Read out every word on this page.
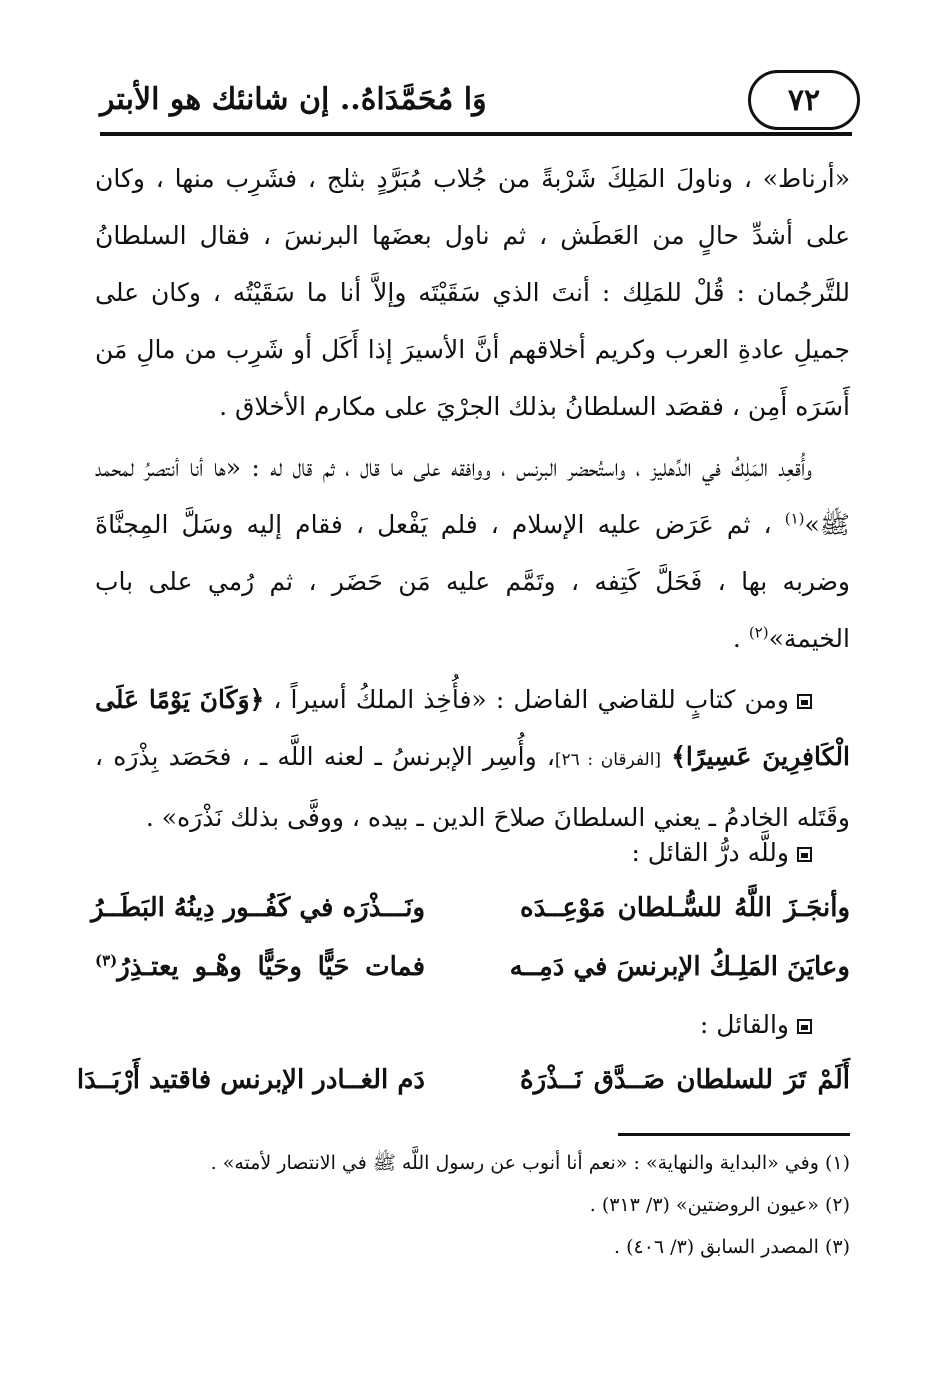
وَا مُحَمَّدَاهُ.. إن شانئك هو الأبتر	٧٢

«أرناط» ، وناولَ المَلِكَ شَرْبةً من جُلاب مُبَرَّدٍ بثلج ، فشَرِب منها ، وكان على أشدِّ حالٍ من العَطَش ، ثم ناول بعضَها البرنسَ ، فقال السلطانُ للتَّرجُمان : قُلْ للمَلِك : أنتَ الذي سَقَيْتَه وإلاَّ أنا ما سَقَيْتُه ، وكان على جميلِ عادةِ العرب وكريم أخلاقهم أنَّ الأسيرَ إذا أَكَل أو شَرِب من مالِ مَن أَسَرَه أَمِن ، فقصَد السلطانُ بذلك الجرْيَ على مكارم الأخلاق .

وأُقعِد المَلِكُ في الدِّهليز ، واستُحضر البرنس ، ووافقه على ما قال ، ثم قال له : «ها أنا أنتصرُ لمحمد ﷺ»$^{(١)}$ ، ثم عَرَض عليه الإسلام ، فلم يَفْعل ، فقام إليه وسَلَّ المِجنَّاةَ وضربه بها ، فَحَلَّ كَتِفه ، وتَمَّم عليه مَن حَضَر ، ثم رُمي على باب الخيمة»$^{(٢)}$ .

ومن كتابٍ للقاضي الفاضل : «فأُخِذ الملكُ أسيراً ، ﴿وَكَانَ يَوْمًا عَلَى الْكَافِرِينَ عَسِيرًا﴾ [الفرقان : ٢٦]، وأُسِر الإبرنسُ ـ لعنه اللَّه ـ ، فحَصَد بِذْرَه ، وقَتَله الخادمُ ـ يعني السلطانَ صلاحَ الدين ـ بيده ، ووفَّى بذلك نَذْرَه» .

وللَّه درُّ القائل :
وأنجَـزَ اللَّهُ للسُّـلطان مَوْعِــدَه
ونَـــذْرَه في كَفُــور دِينُهُ البَطَــرُ
وعايَنَ المَلِـكُ الإبرنسَ في دَمِــه
فمات حَيًّا وحَيًّا وهْـو يعتـذِرُ$^{(٣)}$
والقائل :
أَلَمْ تَرَ للسلطان صَــدَّق نَــذْرَهُ
دَم الغــادر الإبرنس فاقتيد أَرْبَــدَا
(١) وفي «البداية والنهاية» : «نعم أنا أنوب عن رسول اللَّه ﷺ في الانتصار لأمته» .
(٢) «عيون الروضتين» (٣/ ٣١٣) .
(٣) المصدر السابق (٣/ ٤٠٦) .
